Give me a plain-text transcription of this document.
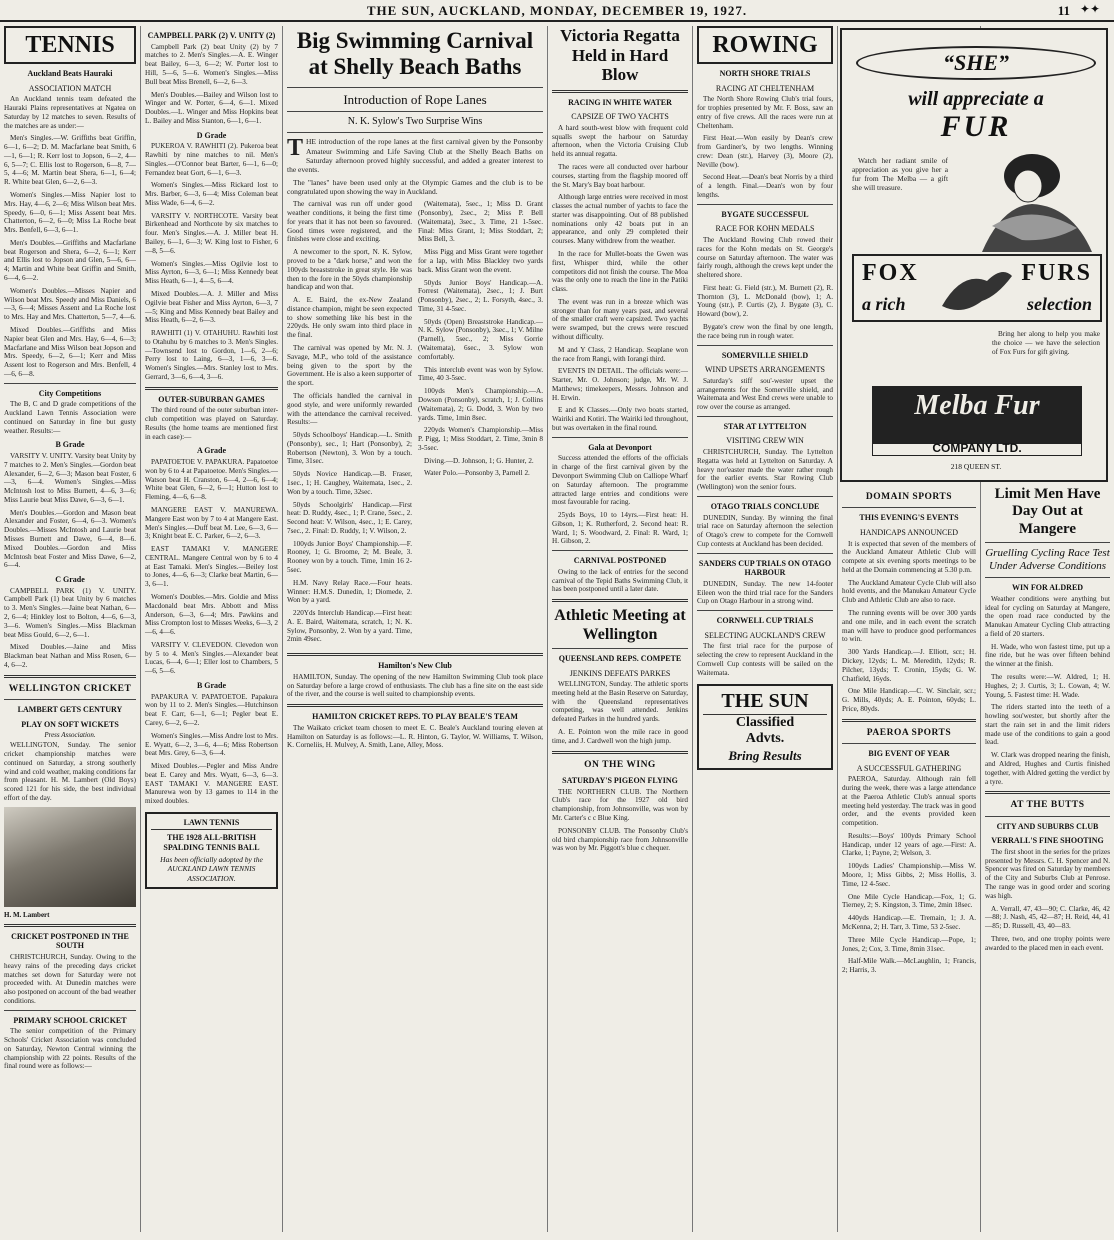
THE SUN, AUCKLAND, MONDAY, DECEMBER 19, 1927.	11 ✦✦
TENNIS
Auckland Beats Hauraki
ASSOCIATION MATCH

An Auckland tennis team defeated the Hauraki Plains representatives at Ngatea on Saturday by 12 matches to seven. Results of the matches are as under:—

Men's Singles.—W. Griffiths beat Griffin, 6—1, 6—2; D. M. Macfarlane beat Smith, 6—1, 6—1; R. Kerr lost to Jopson, 6—2, 4—6, 5—7; C. Ellis lost to Rogerson, 6—8, 7—5, 4—6; M. Martin beat Shera, 6—1, 6—4; R. White beat Glen, 6—2, 6—3.

Women's Singles.—Miss Napier lost to Mrs. Hay, 4—6, 2—6; Miss Wilson beat Mrs. Speedy, 6—0, 6—1; Miss Assent beat Mrs. Chatterton, 6—2, 6—0; Miss La Roche beat Mrs. Benfell, 6—3, 6—1.

Men's Doubles.—Griffiths and Macfarlane beat Rogerson and Shera, 6—2, 6—1; Kerr and Ellis lost to Jopson and Glen, 5—6, 6—4; Martin and White beat Griffin and Smith, 6—4, 6—2.

Women's Doubles.—Misses Napier and Wilson beat Mrs. Speedy and Miss Daniels, 6—3, 6—4; Misses Assent and La Roche lost to Mrs. Hay and Mrs. Chatterton, 5—7, 4—6.

Mixed Doubles.—Griffiths and Miss Napier beat Glen and Mrs. Hay, 6—4, 6—3; Macfarlane and Miss Wilson beat Jopson and Mrs. Speedy, 6—2, 6—1; Kerr and Miss Assent lost to Rogerson and Mrs. Benfell, 4—6, 6—8.

City Competitions

The B, C and D grade competitions of the Auckland Lawn Tennis Association were continued on Saturday in fine but gusty weather. Results:—

B Grade

VARSITY V. UNITY. Varsity beat Unity by 7 matches to 2. Men's Singles.—Gordon beat Alexander, 6—2, 6—3; Mason beat Foster, 6—3, 6—4. Women's Singles.—Miss McIntosh lost to Miss Burnett, 4—6, 3—6; Miss Laurie beat Miss Dawe, 6—3, 6—1.

Men's Doubles.—Gordon and Mason beat Alexander and Foster, 6—4, 6—3. Women's Doubles.—Misses McIntosh and Laurie beat Misses Burnett and Dawe, 6—4, 8—6. Mixed Doubles.—Gordon and Miss McIntosh beat Foster and Miss Dawe, 6—2, 6—4.

C Grade

CAMPBELL PARK (1) V. UNITY. Campbell Park (1) beat Unity by 6 matches to 3. Men's Singles.—Jaine beat Nathan, 6—2, 6—4; Hinkley lost to Bolton, 4—6, 6—3, 3—6. Women's Singles.—Miss Blackman beat Miss Gould, 6—2, 6—1.

Mixed Doubles.—Jaine and Miss Blackman beat Nathan and Miss Rosen, 6—4, 6—2.

WELLINGTON CRICKET
LAMBERT GETS CENTURY
PLAY ON SOFT WICKETS
Press Association.

WELLINGTON, Sunday. The senior cricket championship matches were continued on Saturday, a strong southerly wind and cold weather, making conditions far from pleasant. H. M. Lambert (Old Boys) scored 121 for his side, the best individual effort of the day.

H. M. Lambert
CRICKET POSTPONED IN THE SOUTH

CHRISTCHURCH, Sunday. Owing to the heavy rains of the preceding days cricket matches set down for Saturday were not proceeded with. At Dunedin matches were also postponed on account of the bad weather conditions.

PRIMARY SCHOOL CRICKET

The senior competition of the Primary Schools' Cricket Association was concluded on Saturday, Newton Central winning the championship with 22 points. Results of the final round were as follows:—

CAMPBELL PARK (2) V. UNITY (2)

Campbell Park (2) beat Unity (2) by 7 matches to 2. Men's Singles.—A. E. Winger beat Bailey, 6—3, 6—2; W. Porter lost to Hill, 5—6, 5—6. Women's Singles.—Miss Bull beat Miss Brenell, 6—2, 6—3.

Men's Doubles.—Bailey and Wilson lost to Winger and W. Porter, 6—4, 6—1. Mixed Doubles.—L. Winger and Miss Hopkins beat L. Bailey and Miss Stanton, 6—1, 6—1.

D Grade

PUKEROA V. RAWHITI (2). Pukeroa beat Rawhiti by nine matches to nil. Men's Singles.—O'Connor beat Barter, 6—1, 6—0; Fernandez beat Gort, 6—1, 6—3.

Women's Singles.—Miss Rickard lost to Mrs. Barber, 6—3, 6—4; Miss Coleman beat Miss Wade, 6—4, 6—2.

VARSITY V. NORTHCOTE. Varsity beat Birkenhead and Northcote by six matches to four. Men's Singles.—A. J. Miller beat H. Bailey, 6—1, 6—3; W. King lost to Fisher, 6—8, 5—6.

Women's Singles.—Miss Ogilvie lost to Miss Ayrton, 6—3, 6—1; Miss Kennedy beat Miss Heath, 6—1, 4—5, 6—4.

Mixed Doubles.—A. J. Miller and Miss Ogilvie beat Fisher and Miss Ayrton, 6—3, 7—5; King and Miss Kennedy beat Bailey and Miss Heath, 6—2, 6—3.

RAWHITI (1) V. OTAHUHU. Rawhiti lost to Otahuhu by 6 matches to 3. Men's Singles.—Townsend lost to Gordon, 1—6, 2—6; Perry lost to Laing, 6—3, 1—6, 3—6. Women's Singles.—Mrs. Stanley lost to Mrs. Gerrard, 3—6, 6—4, 3—6.

OUTER-SUBURBAN GAMES

The third round of the outer suburban inter-club competition was played on Saturday. Results (the home teams are mentioned first in each case):—

A Grade

PAPATOETOE V. PAPAKURA. Papatoetoe won by 6 to 4 at Papatoetoe. Men's Singles.—Watson beat H. Cranston, 6—4, 2—6, 6—4; White beat Glen, 6—2, 6—1; Hutton lost to Fleming, 4—6, 6—8.

MANGERE EAST V. MANUREWA. Mangere East won by 7 to 4 at Mangere East. Men's Singles.—Duff beat M. Lee, 6—3, 6—3; Knight beat E. C. Parker, 6—2, 6—3.

EAST TAMAKI V. MANGERE CENTRAL. Mangere Central won by 6 to 4 at East Tamaki. Men's Singles.—Beiley lost to Jones, 4—6, 6—3; Clarke beat Martin, 6—3, 6—1.

Women's Doubles.—Mrs. Goldie and Miss Macdonald beat Mrs. Abbott and Miss Anderson, 6—3, 6—4; Mrs. Pawkins and Miss Crompton lost to Misses Weeks, 6—3, 2—6, 4—6.

VARSITY V. CLEVEDON. Clevedon won by 5 to 4. Men's Singles.—Alexander beat Lucas, 6—4, 6—1; Eller lost to Chambers, 5—6, 5—6.

B Grade

PAPAKURA V. PAPATOETOE. Papakura won by 11 to 2. Men's Singles.—Hutchinson beat F. Carr, 6—1, 6—1; Pegler beat E. Carey, 6—2, 6—2.

Women's Singles.—Miss Andre lost to Mrs. E. Wyatt, 6—2, 3—6, 4—6; Miss Robertson beat Mrs. Grey, 6—3, 6—4.

Mixed Doubles.—Pegler and Miss Andre beat E. Carey and Mrs. Wyatt, 6—3, 6—3. EAST TAMAKI V. MANGERE EAST. Manurewa won by 13 games to 114 in the mixed doubles.

LAWN TENNIS
THE 1928 ALL-BRITISH SPALDING TENNIS BALL
Has been officially adopted by the AUCKLAND LAWN TENNIS ASSOCIATION.
Big Swimming Carnival at Shelly Beach Baths
Introduction of Rope Lanes
N. K. Sylow's Two Surprise Wins

THE introduction of the rope lanes at the first carnival given by the Ponsonby Amateur Swimming and Life Saving Club at the Shelly Beach Baths on Saturday afternoon proved highly successful, and added a greater interest to the events.

The "lanes" have been used only at the Olympic Games and the club is to be congratulated upon showing the way in Auckland.

The carnival was run off under good weather conditions, it being the first time for years that it has not been so favoured. Good times were registered, and the finishes were close and exciting.

A newcomer to the sport, N. K. Sylow, proved to be a "dark horse," and won the 100yds breaststroke in great style. He was then to the fore in the 50yds championship handicap and won that.

A. E. Baird, the ex-New Zealand distance champion, might be seen expected to show something like his best in the 220yds. He only swam into third place in the final.

The carnival was opened by Mr. N. J. Savage, M.P., who told of the assistance being given to the sport by the Government. He is also a keen supporter of the sport.

The officials handled the carnival in good style, and were uniformly rewarded with the attendance the carnival received. Results:—

50yds Schoolboys' Handicap.—L. Smith (Ponsonby), sec., 1; Hart (Ponsonby), 2; Robertson (Newton), 3. Won by a touch. Time, 31sec.

50yds Novice Handicap.—B. Fraser, 1sec., 1; H. Caughey, Waitemata, 1sec., 2. Won by a touch. Time, 32sec.

50yds Schoolgirls' Handicap.—First heat: D. Ruddy, 4sec., 1; P. Crane, 5sec., 2. Second heat: V. Wilson, 4sec., 1; E. Carey, 7sec., 2. Final: D. Ruddy, 1; V. Wilson, 2.

100yds Junior Boys' Championship.—F. Rooney, 1; G. Broome, 2; M. Beale, 3. Rooney won by a touch. Time, 1min 16 2-5sec.

H.M. Navy Relay Race.—Four heats. Winner: H.M.S. Dunedin, 1; Diomede, 2. Won by a yard.

220Yds Interclub Handicap.—First heat: A. E. Baird, Waitemata, scratch, 1; N. K. Sylow, Ponsonby, 2. Won by a yard. Time, 2min 49sec.

(Waitemata), 5sec., 1; Miss D. Grant (Ponsonby), 2sec., 2; Miss P. Bell (Waitemata), 3sec., 3. Time, 21 1-5sec. Final: Miss Grant, 1; Miss Stoddart, 2; Miss Bell, 3.

Miss Pigg and Miss Grant were together for a lap, with Miss Blackley two yards back. Miss Grant won the event.

50yds Junior Boys' Handicap.—A. Forrest (Waitemata), 2sec., 1; J. Burt (Ponsonby), 2sec., 2; L. Forsyth, 4sec., 3. Time, 31 4-5sec.

50yds (Open) Breaststroke Handicap.—N. K. Sylow (Ponsonby), 3sec., 1; V. Milne (Parnell), 5sec., 2; Miss Gorrie (Waitemata), 6sec., 3. Sylow won comfortably.

This interclub event was won by Sylow. Time, 40 3-5sec.

100yds Men's Championship.—A. Dowson (Ponsonby), scratch, 1; J. Collins (Waitemata), 2; G. Dodd, 3. Won by two yards. Time, 1min 8sec.

220yds Women's Championship.—Miss P. Pigg, 1; Miss Stoddart, 2. Time, 3min 8 3-5sec.

Diving.—D. Johnson, 1; G. Hunter, 2.

Water Polo.—Ponsonby 3, Parnell 2.

Hamilton's New Club

HAMILTON, Sunday. The opening of the new Hamilton Swimming Club took place on Saturday before a large crowd of enthusiasts. The club has a fine site on the east side of the river, and the course is well suited to championship events.

HAMILTON CRICKET REPS. TO PLAY BEALE'S TEAM

The Waikato cricket team chosen to meet E. C. Beale's Auckland touring eleven at Hamilton on Saturday is as follows:—L. R. Hinton, G. Taylor, W. Williams, T. Wilson, K. Corneliis, H. Mulvey, A. Smith, Lane, Alley, Moss.

Victoria Regatta Held in Hard Blow
RACING IN WHITE WATER
CAPSIZE OF TWO YACHTS

A hard south-west blow with frequent cold squalls swept the harbour on Saturday afternoon, when the Victoria Cruising Club held its annual regatta.

The races were all conducted over harbour courses, starting from the flagship moored off the St. Mary's Bay boat harbour.

Although large entries were received in most classes the actual number of yachts to face the starter was disappointing. Out of 88 published nominations only 42 boats put in an appearance, and only 29 completed their courses. Many withdrew from the weather.

In the race for Mullet-boats the Gwen was first, Whisper third, while the other competitors did not finish the course. The Moa was the only one to reach the line in the Patiki class.

The event was run in a breeze which was stronger than for many years past, and several of the smaller craft were capsized. Two yachts were swamped, but the crews were rescued without difficulty.

M and Y Class, 2 Handicap. Seaplane won the race from Rangi, with Iorangi third.

EVENTS IN DETAIL. The officials were:—Starter, Mr. O. Johnson; judge, Mr. W. J. Matthews; timekeepers, Messrs. Johnson and H. Erwin.

E and K Classes.—Only two boats started, Wairiki and Kotiri. The Wairiki led throughout, but was overtaken in the final round.

Gala at Devonport

Success attended the efforts of the officials in charge of the first carnival given by the Devonport Swimming Club on Calliope Wharf on Saturday afternoon. The programme attracted large entries and conditions were most favourable for racing.

25yds Boys, 10 to 14yrs.—First heat: H. Gibson, 1; K. Rutherford, 2. Second heat: R. Ward, 1; S. Woodward, 2. Final: R. Ward, 1; H. Gibson, 2.

CARNIVAL POSTPONED

Owing to the lack of entries for the second carnival of the Tepid Baths Swimming Club, it has been postponed until a later date.

Athletic Meeting at Wellington
QUEENSLAND REPS. COMPETE
JENKINS DEFEATS PARKES

WELLINGTON, Sunday. The athletic sports meeting held at the Basin Reserve on Saturday, with the Queensland representatives competing, was well attended. Jenkins defeated Parkes in the hundred yards.

A. E. Pointon won the mile race in good time, and J. Cardwell won the high jump.

ON THE WING
SATURDAY'S PIGEON FLYING

THE NORTHERN CLUB. The Northern Club's race for the 1927 old bird championship, from Johnsonville, was won by Mr. Carter's c c Blue King.

PONSONBY CLUB. The Ponsonby Club's old bird championship race from Johnsonville was won by Mr. Piggott's blue c chequer.

ROWING
NORTH SHORE TRIALS
RACING AT CHELTENHAM

The North Shore Rowing Club's trial fours, for trophies presented by Mr. F. Boss, saw an entry of five crews. All the races were run at Cheltenham.

First Heat.—Won easily by Dean's crew from Gardiner's, by two lengths. Winning crew: Dean (str.), Harvey (3), Moore (2), Neville (bow).

Second Heat.—Dean's beat Norris by a third of a length. Final.—Dean's won by four lengths.

BYGATE SUCCESSFUL
RACE FOR KOHN MEDALS

The Auckland Rowing Club rowed their races for the Kohn medals on St. George's course on Saturday afternoon. The water was fairly rough, although the crews kept under the sheltered shore.

First heat: G. Field (str.), M. Burnett (2), R. Thornton (3), L. McDonald (bow), 1; A. Young (str.), P. Curtis (2), J. Bygate (3), C. Howard (bow), 2.

Bygate's crew won the final by one length, the race being run in rough water.

SOMERVILLE SHIELD
WIND UPSETS ARRANGEMENTS

Saturday's stiff sou'-wester upset the arrangements for the Somerville shield, and Waitemata and West End crews were unable to row over the course as arranged.

STAR AT LYTTELTON
VISITING CREW WIN

CHRISTCHURCH, Sunday. The Lyttelton Regatta was held at Lyttelton on Saturday. A heavy nor'easter made the water rather rough for the earlier events. Star Rowing Club (Wellington) won the senior fours.

OTAGO TRIALS CONCLUDE

DUNEDIN, Sunday. By winning the final trial race on Saturday afternoon the selection of Otago's crew to compete for the Cornwell Cup contests at Auckland has been decided.

SANDERS CUP TRIALS ON OTAGO HARBOUR

DUNEDIN, Sunday. The new 14-footer Eileen won the third trial race for the Sanders Cup on Otago Harbour in a strong wind.

CORNWELL CUP TRIALS
SELECTING AUCKLAND'S CREW

The first trial race for the purpose of selecting the crew to represent Auckland in the Cornwell Cup contests will be sailed on the Waitemata.

THE SUN
Classified
Advts.
Bring Results
“SHE”
will appreciate a
FUR

Watch her radiant smile of appreciation as you give her a fur from The Melba — a gift she will treasure.

FOX	FURS
a rich	selection

Bring her along to help you make the choice — we have the selection of Fox Furs for gift giving.

Melba Fur
COMPANY LTD.
218 QUEEN ST.
DOMAIN SPORTS
THIS EVENING'S EVENTS
HANDICAPS ANNOUNCED

It is expected that seven of the members of the Auckland Amateur Athletic Club will compete at six evening sports meetings to be held at the Domain commencing at 5.30 p.m.

The Auckland Amateur Cycle Club will also hold events, and the Manukau Amateur Cycle Club and Athletic Club are also to race.

The running events will be over 300 yards and one mile, and in each event the scratch man will have to produce good performances to win.

300 Yards Handicap.—J. Elliott, scr.; H. Dickey, 12yds; L. M. Meredith, 12yds; R. Pilcher, 13yds; T. Cronin, 15yds; G. W. Chatfield, 16yds.

One Mile Handicap.—C. W. Sinclair, scr.; G. Mills, 40yds; A. E. Pointon, 60yds; L. Price, 80yds.

PAEROA SPORTS
BIG EVENT OF YEAR
A SUCCESSFUL GATHERING

PAEROA, Saturday. Although rain fell during the week, there was a large attendance at the Paeroa Athletic Club's annual sports meeting held yesterday. The track was in good order, and the events provided keen competition.

Results:—Boys' 100yds Primary School Handicap, under 12 years of age.—First: A. Clarke, 1; Payne, 2; Welson, 3.

100yds Ladies' Championship.—Miss W. Moore, 1; Miss Gibbs, 2; Miss Hollis, 3. Time, 12 4-5sec.

One Mile Cycle Handicap.—Fox, 1; G. Tierney, 2; S. Kingston, 3. Time, 2min 18sec.

440yds Handicap.—E. Tremain, 1; J. A. McKenna, 2; H. Tarr, 3. Time, 53 2-5sec.

Three Mile Cycle Handicap.—Pope, 1; Jones, 2; Cox, 3. Time, 8min 31sec.

Half-Mile Walk.—McLaughlin, 1; Francis, 2; Harris, 3.

Limit Men Have Day Out at Mangere
Gruelling Cycling Race Test Under Adverse Conditions
WIN FOR ALDRED

Weather conditions were anything but ideal for cycling on Saturday at Mangere, the open road race conducted by the Manukau Amateur Cycling Club attracting a field of 20 starters.

H. Wade, who won fastest time, put up a fine ride, but he was over fifteen behind the winner at the finish.

The results were:—W. Aldred, 1; H. Hughes, 2; J. Curtis, 3; L. Cowan, 4; W. Young, 5. Fastest time: H. Wade.

The riders started into the teeth of a howling sou'wester, but shortly after the start the rain set in and the limit riders made use of the conditions to gain a good lead.

W. Clark was dropped nearing the finish, and Aldred, Hughes and Curtis finished together, with Aldred getting the verdict by a tyre.

AT THE BUTTS
CITY AND SUBURBS CLUB
VERRALL'S FINE SHOOTING

The first shoot in the series for the prizes presented by Messrs. C. H. Spencer and N. Spencer was fired on Saturday by members of the City and Suburbs Club at Penrose. The range was in good order and scoring was high.

A. Verrall, 47, 43—90; C. Clarke, 46, 42—88; J. Nash, 45, 42—87; H. Reid, 44, 41—85; D. Russell, 43, 40—83.

Three, two, and one trophy points were awarded to the placed men in each event.
